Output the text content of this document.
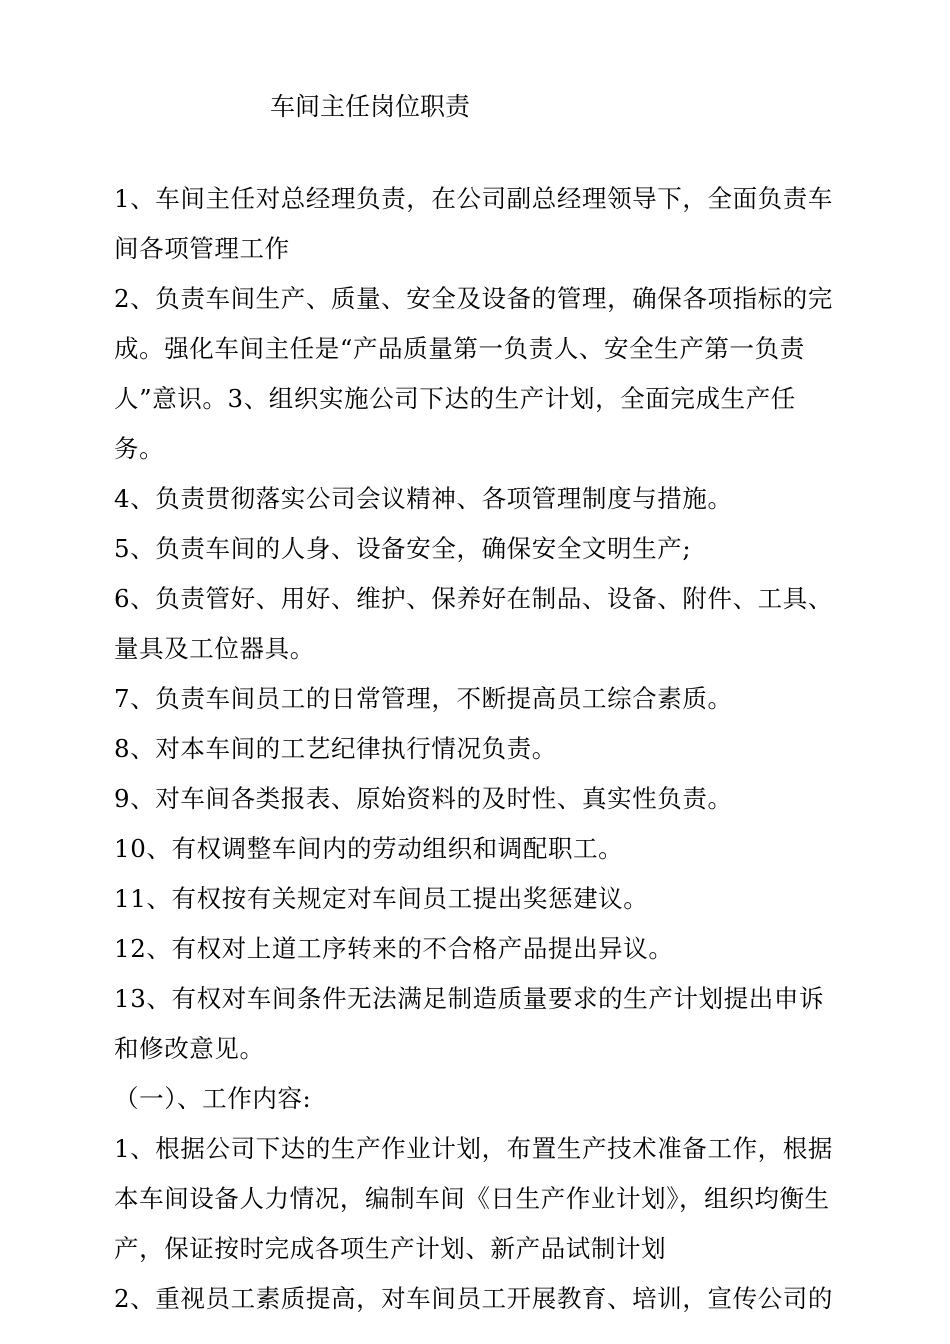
车间主任岗位职责

1、车间主任对总经理负责，在公司副总经理领导下，全面负责车间各项管理工作

2、负责车间生产、质量、安全及设备的管理，确保各项指标的完成。强化车间主任是“产品质量第一负责人、安全生产第一负责人”意识。3、组织实施公司下达的生产计划，全面完成生产任务。

4、负责贯彻落实公司会议精神、各项管理制度与措施。

5、负责车间的人身、设备安全，确保安全文明生产;

6、负责管好、用好、维护、保养好在制品、设备、附件、工具、量具及工位器具。

7、负责车间员工的日常管理，不断提高员工综合素质。

8、对本车间的工艺纪律执行情况负责。

9、对车间各类报表、原始资料的及时性、真实性负责。

10、有权调整车间内的劳动组织和调配职工。

11、有权按有关规定对车间员工提出奖惩建议。

12、有权对上道工序转来的不合格产品提出异议。

13、有权对车间条件无法满足制造质量要求的生产计划提出申诉和修改意见。

（一）、工作内容:

1、根据公司下达的生产作业计划，布置生产技术准备工作，根据本车间设备人力情况，编制车间《日生产作业计划》，组织均衡生产，保证按时完成各项生产计划、新产品试制计划

2、重视员工素质提高，对车间员工开展教育、培训，宣传公司的
